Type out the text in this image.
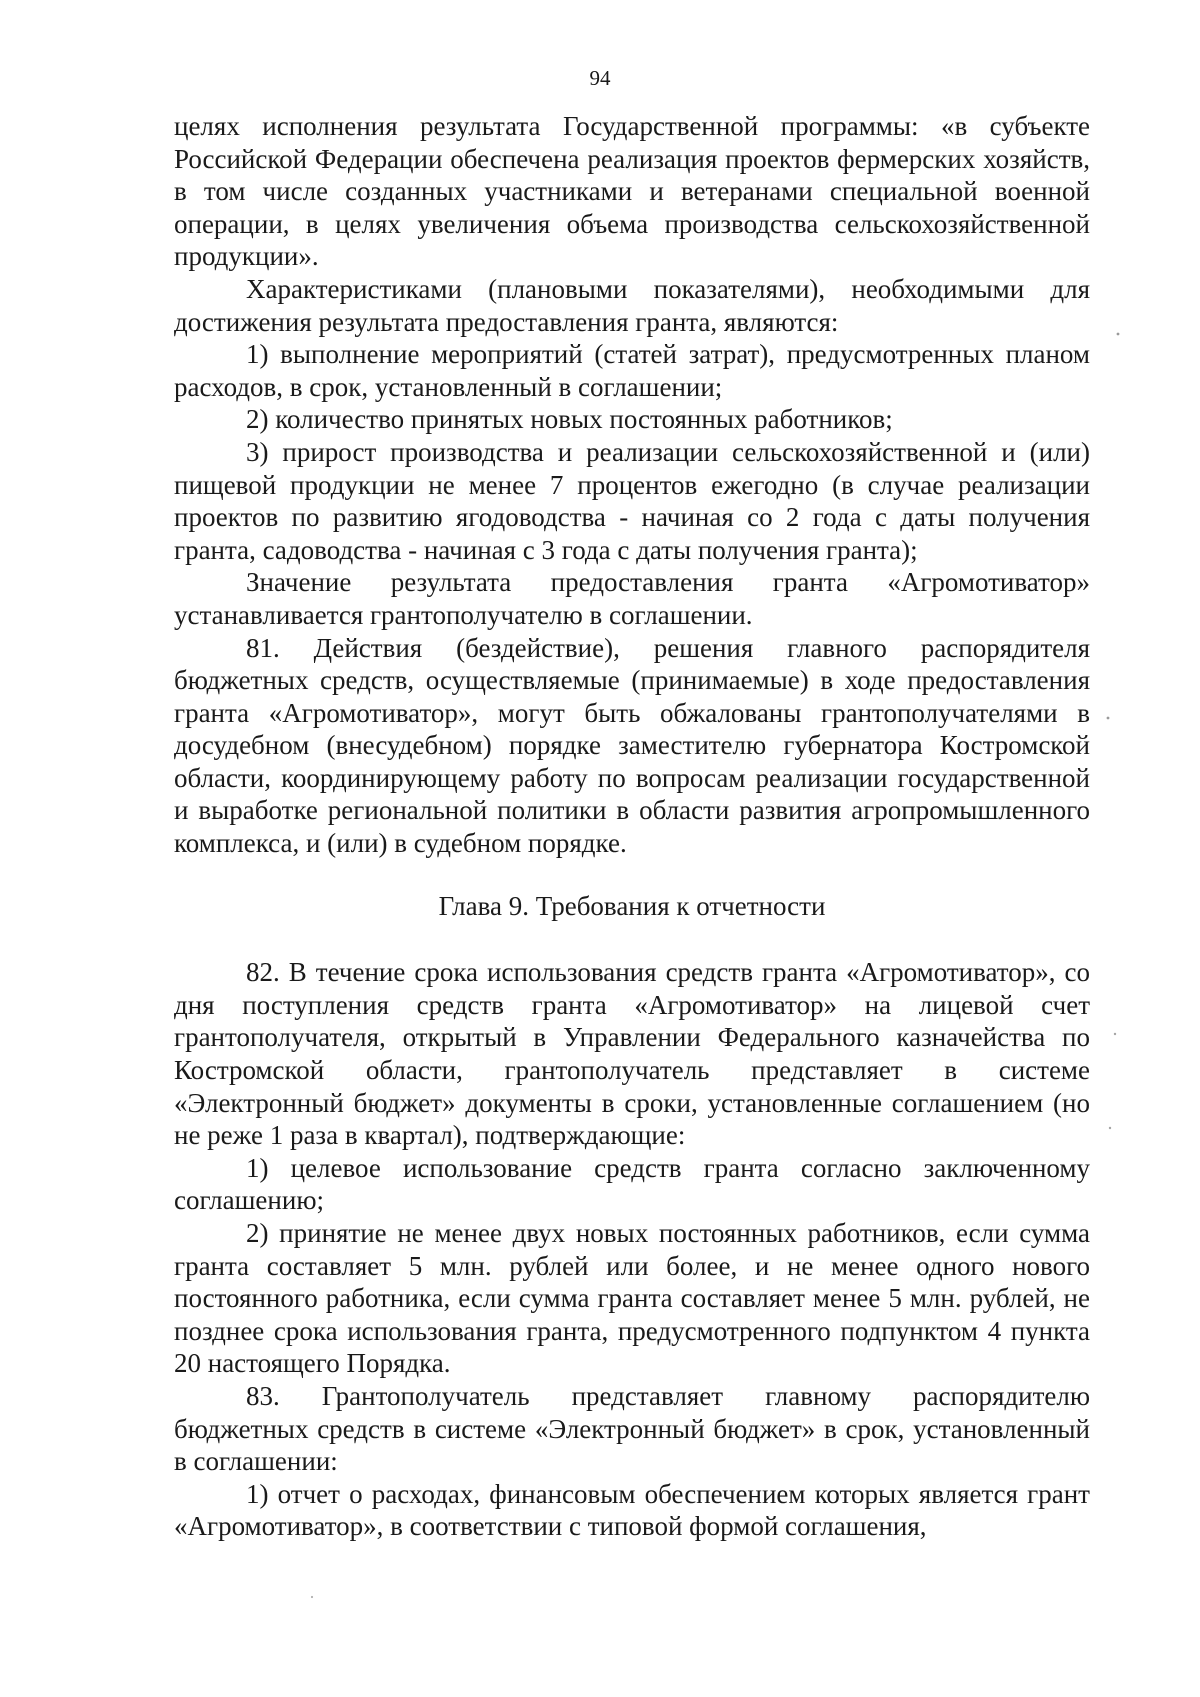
94

целях исполнения результата Государственной программы: «в субъекте Российской Федерации обеспечена реализация проектов фермерских хозяйств, в том числе созданных участниками и ветеранами специальной военной операции, в целях увеличения объема производства сельскохозяйственной продукции».

Характеристиками (плановыми показателями), необходимыми для достижения результата предоставления гранта, являются:

1) выполнение мероприятий (статей затрат), предусмотренных планом расходов, в срок, установленный в соглашении;

2) количество принятых новых постоянных работников;

3) прирост производства и реализации сельскохозяйственной и (или) пищевой продукции не менее 7 процентов ежегодно (в случае реализации проектов по развитию ягодоводства - начиная со 2 года с даты получения гранта, садоводства - начиная с 3 года с даты получения гранта);

Значение результата предоставления гранта «Агромотиватор» устанавливается грантополучателю в соглашении.

81. Действия (бездействие), решения главного распорядителя бюджетных средств, осуществляемые (принимаемые) в ходе предоставления гранта «Агромотиватор», могут быть обжалованы грантополучателями в досудебном (внесудебном) порядке заместителю губернатора Костромской области, координирующему работу по вопросам реализации государственной и выработке региональной политики в области развития агропромышленного комплекса, и (или) в судебном порядке.

Глава 9. Требования к отчетности

82. В течение срока использования средств гранта «Агромотиватор», со дня поступления средств гранта «Агромотиватор» на лицевой счет грантополучателя, открытый в Управлении Федерального казначейства по Костромской области, грантополучатель представляет в системе «Электронный бюджет» документы в сроки, установленные соглашением (но не реже 1 раза в квартал), подтверждающие:

1) целевое использование средств гранта согласно заключенному соглашению;

2) принятие не менее двух новых постоянных работников, если сумма гранта составляет 5 млн. рублей или более, и не менее одного нового постоянного работника, если сумма гранта составляет менее 5 млн. рублей, не позднее срока использования гранта, предусмотренного подпунктом 4 пункта 20 настоящего Порядка.

83. Грантополучатель представляет главному распорядителю бюджетных средств в системе «Электронный бюджет» в срок, установленный в соглашении:

1) отчет о расходах, финансовым обеспечением которых является грант «Агромотиватор», в соответствии с типовой формой соглашения,
